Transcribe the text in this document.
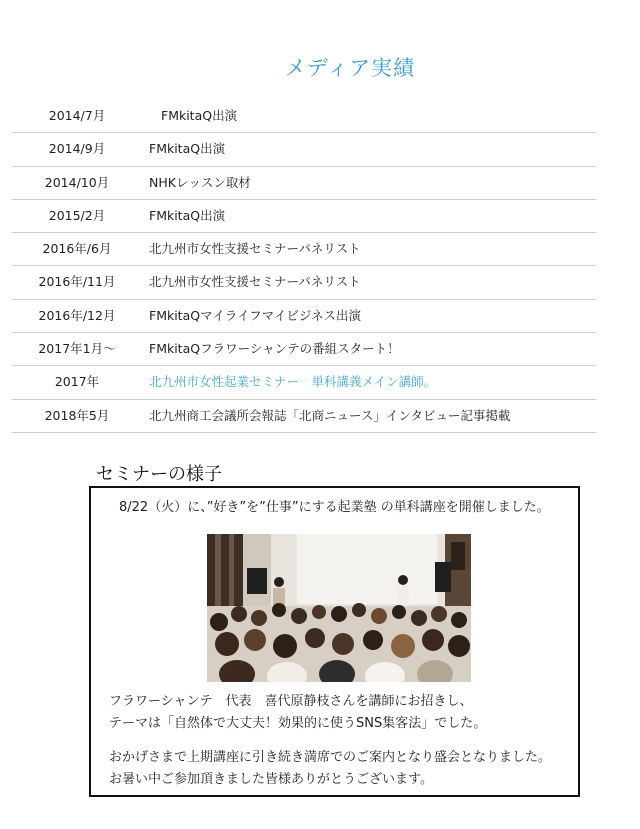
メディア実績
2014/7月	FMkitaQ出演
2014/9月	FMkitaQ出演
2014/10月	NHKレッスン取材
2015/2月	FMkitaQ出演
2016年/6月	北九州市女性支援セミナーパネリスト
2016年/11月	北九州市女性支援セミナーパネリスト
2016年/12月	FMkitaQマイライフマイビジネス出演
2017年1月～	FMkitaQフラワーシャンテの番組スタート！
2017年	北九州市女性起業セミナー　単科講義メイン講師。
2018年5月	北九州商工会議所会報誌「北商ニュース」インタビュー記事掲載
セミナーの様子
8/22（火）に、”好き”を”仕事”にする起業塾 の単科講座を開催しました。
フラワーシャンテ　代表　喜代原静枝さんを講師にお招きし、
テーマは「自然体で大丈夫！効果的に使うSNS集客法」でした。
おかげさまで上期講座に引き続き満席でのご案内となり盛会となりました。
お暑い中ご参加頂きました皆様ありがとうございます。
